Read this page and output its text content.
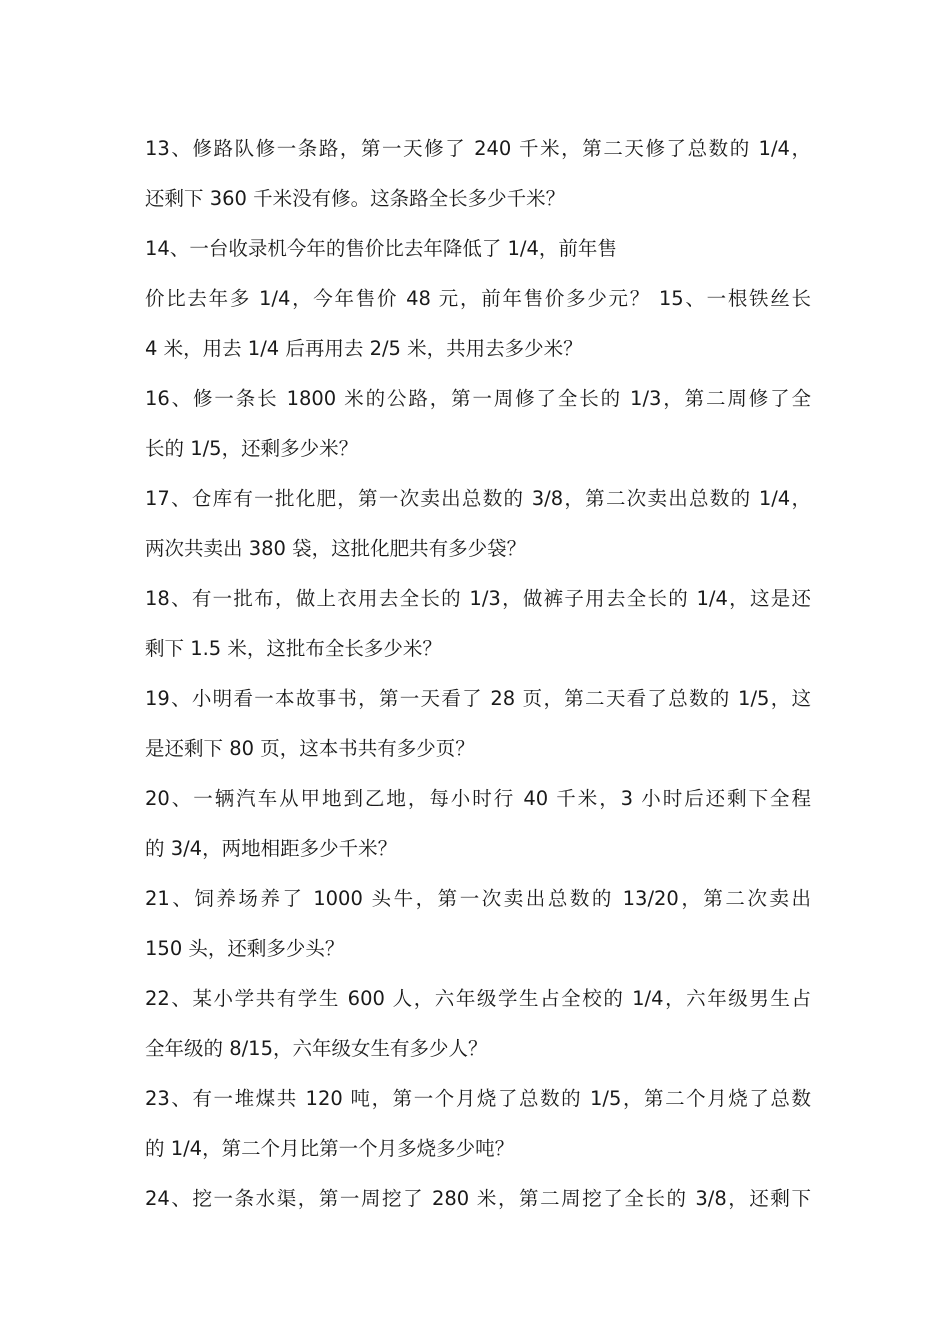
13、修路队修一条路，第一天修了 240 千米，第二天修了总数的 1/4，
还剩下 360 千米没有修。这条路全长多少千米？
14、一台收录机今年的售价比去年降低了 1/4，前年售
价比去年多 1/4，今年售价 48 元，前年售价多少元？ 15、一根铁丝长
4 米，用去 1/4 后再用去 2/5 米，共用去多少米？
16、修一条长 1800 米的公路，第一周修了全长的 1/3，第二周修了全
长的 1/5，还剩多少米？
17、仓库有一批化肥，第一次卖出总数的 3/8，第二次卖出总数的 1/4，
两次共卖出 380 袋，这批化肥共有多少袋？
18、有一批布，做上衣用去全长的 1/3，做裤子用去全长的 1/4，这是还
剩下 1.5 米，这批布全长多少米？
19、小明看一本故事书，第一天看了 28 页，第二天看了总数的 1/5，这
是还剩下 80 页，这本书共有多少页？
20、一辆汽车从甲地到乙地，每小时行 40 千米，3 小时后还剩下全程
的 3/4，两地相距多少千米？
21、饲养场养了 1000 头牛，第一次卖出总数的 13/20，第二次卖出
150 头，还剩多少头？
22、某小学共有学生 600 人，六年级学生占全校的 1/4，六年级男生占
全年级的 8/15，六年级女生有多少人？
23、有一堆煤共 120 吨，第一个月烧了总数的 1/5，第二个月烧了总数
的 1/4，第二个月比第一个月多烧多少吨？
24、挖一条水渠，第一周挖了 280 米，第二周挖了全长的 3/8，还剩下
